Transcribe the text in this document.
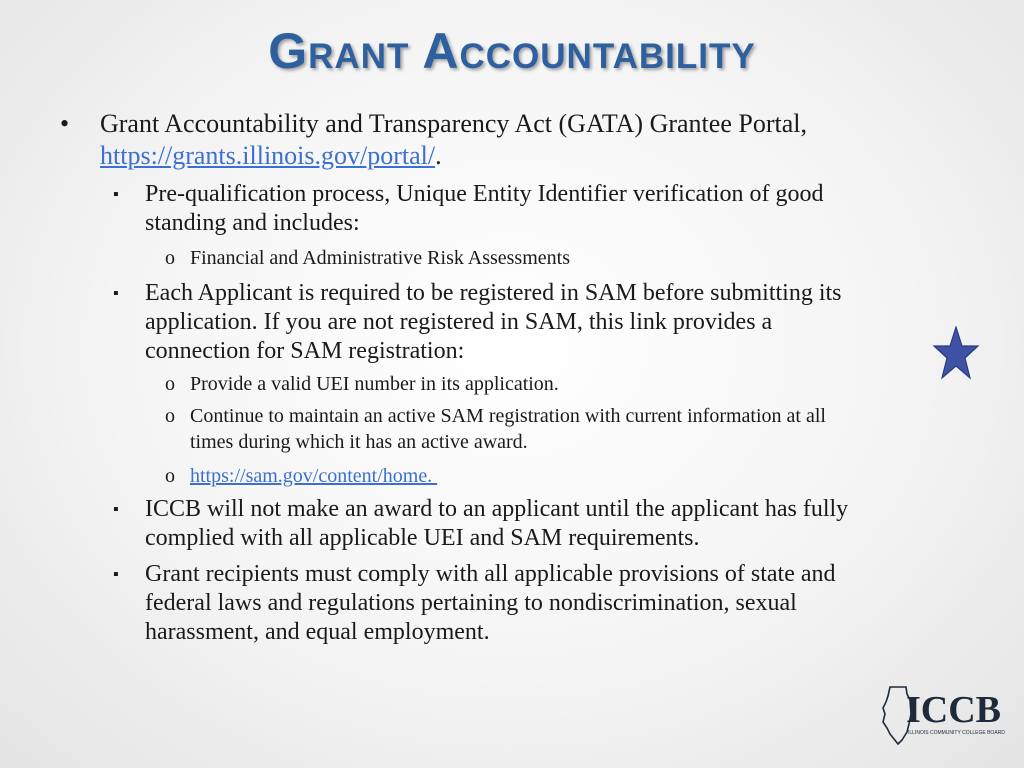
Grant Accountability
• Grant Accountability and Transparency Act (GATA) Grantee Portal,
https://grants.illinois.gov/portal/.
▪ Pre-qualification process, Unique Entity Identifier verification of good
standing and includes:
o Financial and Administrative Risk Assessments
▪ Each Applicant is required to be registered in SAM before submitting its
application. If you are not registered in SAM, this link provides a
connection for SAM registration:
o Provide a valid UEI number in its application.
o Continue to maintain an active SAM registration with current information at all
times during which it has an active award.
o https://sam.gov/content/home.
▪ ICCB will not make an award to an applicant until the applicant has fully
complied with all applicable UEI and SAM requirements.
▪ Grant recipients must comply with all applicable provisions of state and
federal laws and regulations pertaining to nondiscrimination, sexual
harassment, and equal employment.
ICCB
ILLINOIS COMMUNITY COLLEGE BOARD
